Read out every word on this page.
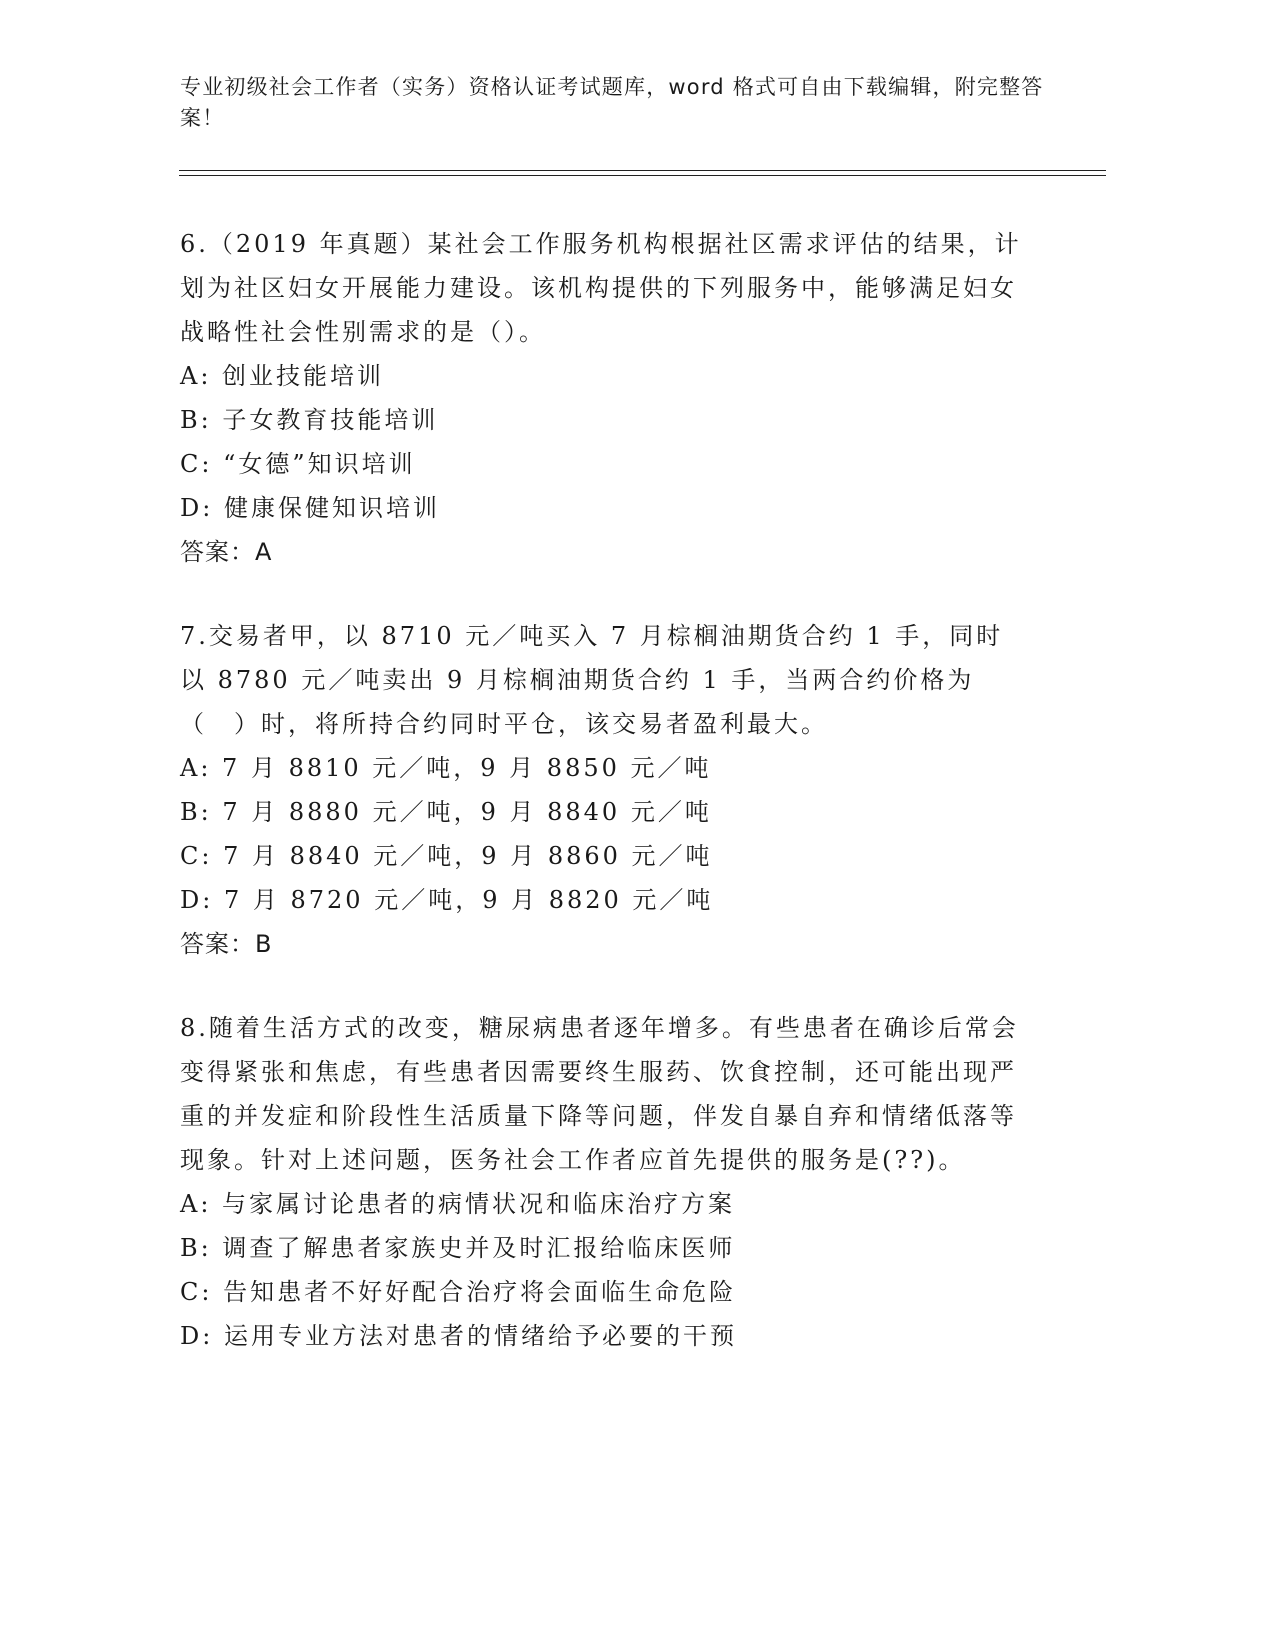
专业初级社会工作者（实务）资格认证考试题库，word 格式可自由下载编辑，附完整答案！

6.（2019 年真题）某社会工作服务机构根据社区需求评估的结果，计划为社区妇女开展能力建设。该机构提供的下列服务中，能够满足妇女战略性社会性别需求的是（）。

A: 创业技能培训

B: 子女教育技能培训

C: “女德”知识培训

D: 健康保健知识培训

答案：A

7.交易者甲，以 8710 元／吨买入 7 月棕榈油期货合约 1 手，同时以 8780 元／吨卖出 9 月棕榈油期货合约 1 手，当两合约价格为（　）时，将所持合约同时平仓，该交易者盈利最大。

A: 7 月 8810 元／吨，9 月 8850 元／吨

B: 7 月 8880 元／吨，9 月 8840 元／吨

C: 7 月 8840 元／吨，9 月 8860 元／吨

D: 7 月 8720 元／吨，9 月 8820 元／吨

答案：B

8.随着生活方式的改变，糖尿病患者逐年增多。有些患者在确诊后常会变得紧张和焦虑，有些患者因需要终生服药、饮食控制，还可能出现严重的并发症和阶段性生活质量下降等问题，伴发自暴自弃和情绪低落等现象。针对上述问题，医务社会工作者应首先提供的服务是(??)。

A: 与家属讨论患者的病情状况和临床治疗方案

B: 调查了解患者家族史并及时汇报给临床医师

C: 告知患者不好好配合治疗将会面临生命危险

D: 运用专业方法对患者的情绪给予必要的干预
